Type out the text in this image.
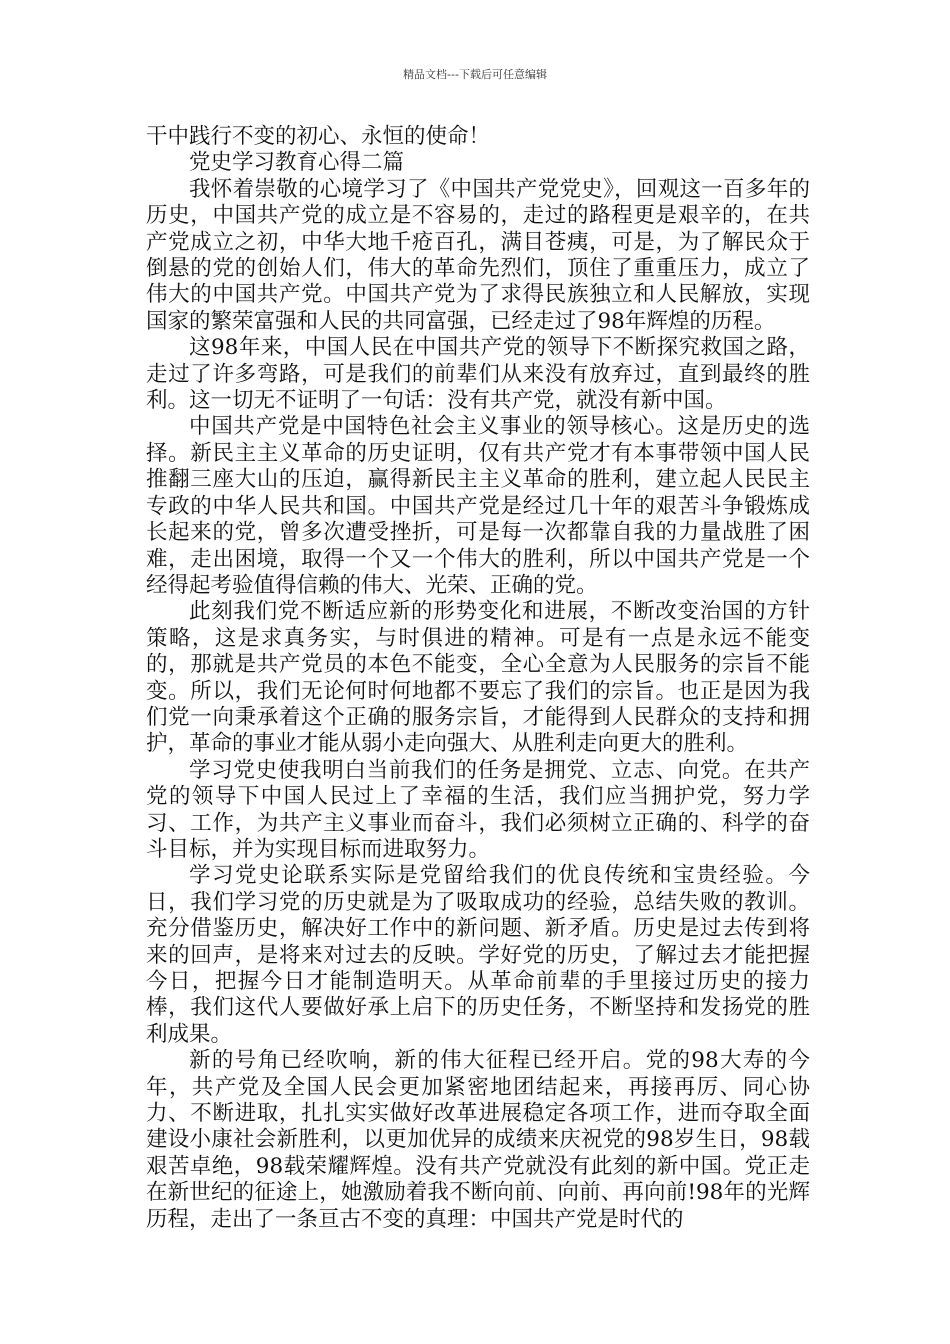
精品文档---下载后可任意编辑

干中践行不变的初心、永恒的使命！

党史学习教育心得二篇

我怀着崇敬的心境学习了《中国共产党党史》，回观这一百多年的历史，中国共产党的成立是不容易的，走过的路程更是艰辛的，在共产党成立之初，中华大地千疮百孔，满目苍痍，可是，为了解民众于倒悬的党的创始人们，伟大的革命先烈们，顶住了重重压力，成立了伟大的中国共产党。中国共产党为了求得民族独立和人民解放，实现国家的繁荣富强和人民的共同富强，已经走过了98年辉煌的历程。

这98年来，中国人民在中国共产党的领导下不断探究救国之路，走过了许多弯路，可是我们的前辈们从来没有放弃过，直到最终的胜利。这一切无不证明了一句话：没有共产党，就没有新中国。

中国共产党是中国特色社会主义事业的领导核心。这是历史的选择。新民主主义革命的历史证明，仅有共产党才有本事带领中国人民推翻三座大山的压迫，赢得新民主主义革命的胜利，建立起人民民主专政的中华人民共和国。中国共产党是经过几十年的艰苦斗争锻炼成长起来的党，曾多次遭受挫折，可是每一次都靠自我的力量战胜了困难，走出困境，取得一个又一个伟大的胜利，所以中国共产党是一个经得起考验值得信赖的伟大、光荣、正确的党。

此刻我们党不断适应新的形势变化和进展，不断改变治国的方针策略，这是求真务实，与时俱进的精神。可是有一点是永远不能变的，那就是共产党员的本色不能变，全心全意为人民服务的宗旨不能变。所以，我们无论何时何地都不要忘了我们的宗旨。也正是因为我们党一向秉承着这个正确的服务宗旨，才能得到人民群众的支持和拥护，革命的事业才能从弱小走向强大、从胜利走向更大的胜利。

学习党史使我明白当前我们的任务是拥党、立志、向党。在共产党的领导下中国人民过上了幸福的生活，我们应当拥护党，努力学习、工作，为共产主义事业而奋斗，我们必须树立正确的、科学的奋斗目标，并为实现目标而进取努力。

学习党史论联系实际是党留给我们的优良传统和宝贵经验。今日，我们学习党的历史就是为了吸取成功的经验，总结失败的教训。充分借鉴历史，解决好工作中的新问题、新矛盾。历史是过去传到将来的回声，是将来对过去的反映。学好党的历史，了解过去才能把握今日，把握今日才能制造明天。从革命前辈的手里接过历史的接力棒，我们这代人要做好承上启下的历史任务，不断坚持和发扬党的胜利成果。

新的号角已经吹响，新的伟大征程已经开启。党的98大寿的今年，共产党及全国人民会更加紧密地团结起来，再接再厉、同心协力、不断进取，扎扎实实做好改革进展稳定各项工作，进而夺取全面建设小康社会新胜利，以更加优异的成绩来庆祝党的98岁生日，98载艰苦卓绝，98载荣耀辉煌。没有共产党就没有此刻的新中国。党正走在新世纪的征途上，她激励着我不断向前、向前、再向前!98年的光辉历程，走出了一条亘古不变的真理：中国共产党是时代的
